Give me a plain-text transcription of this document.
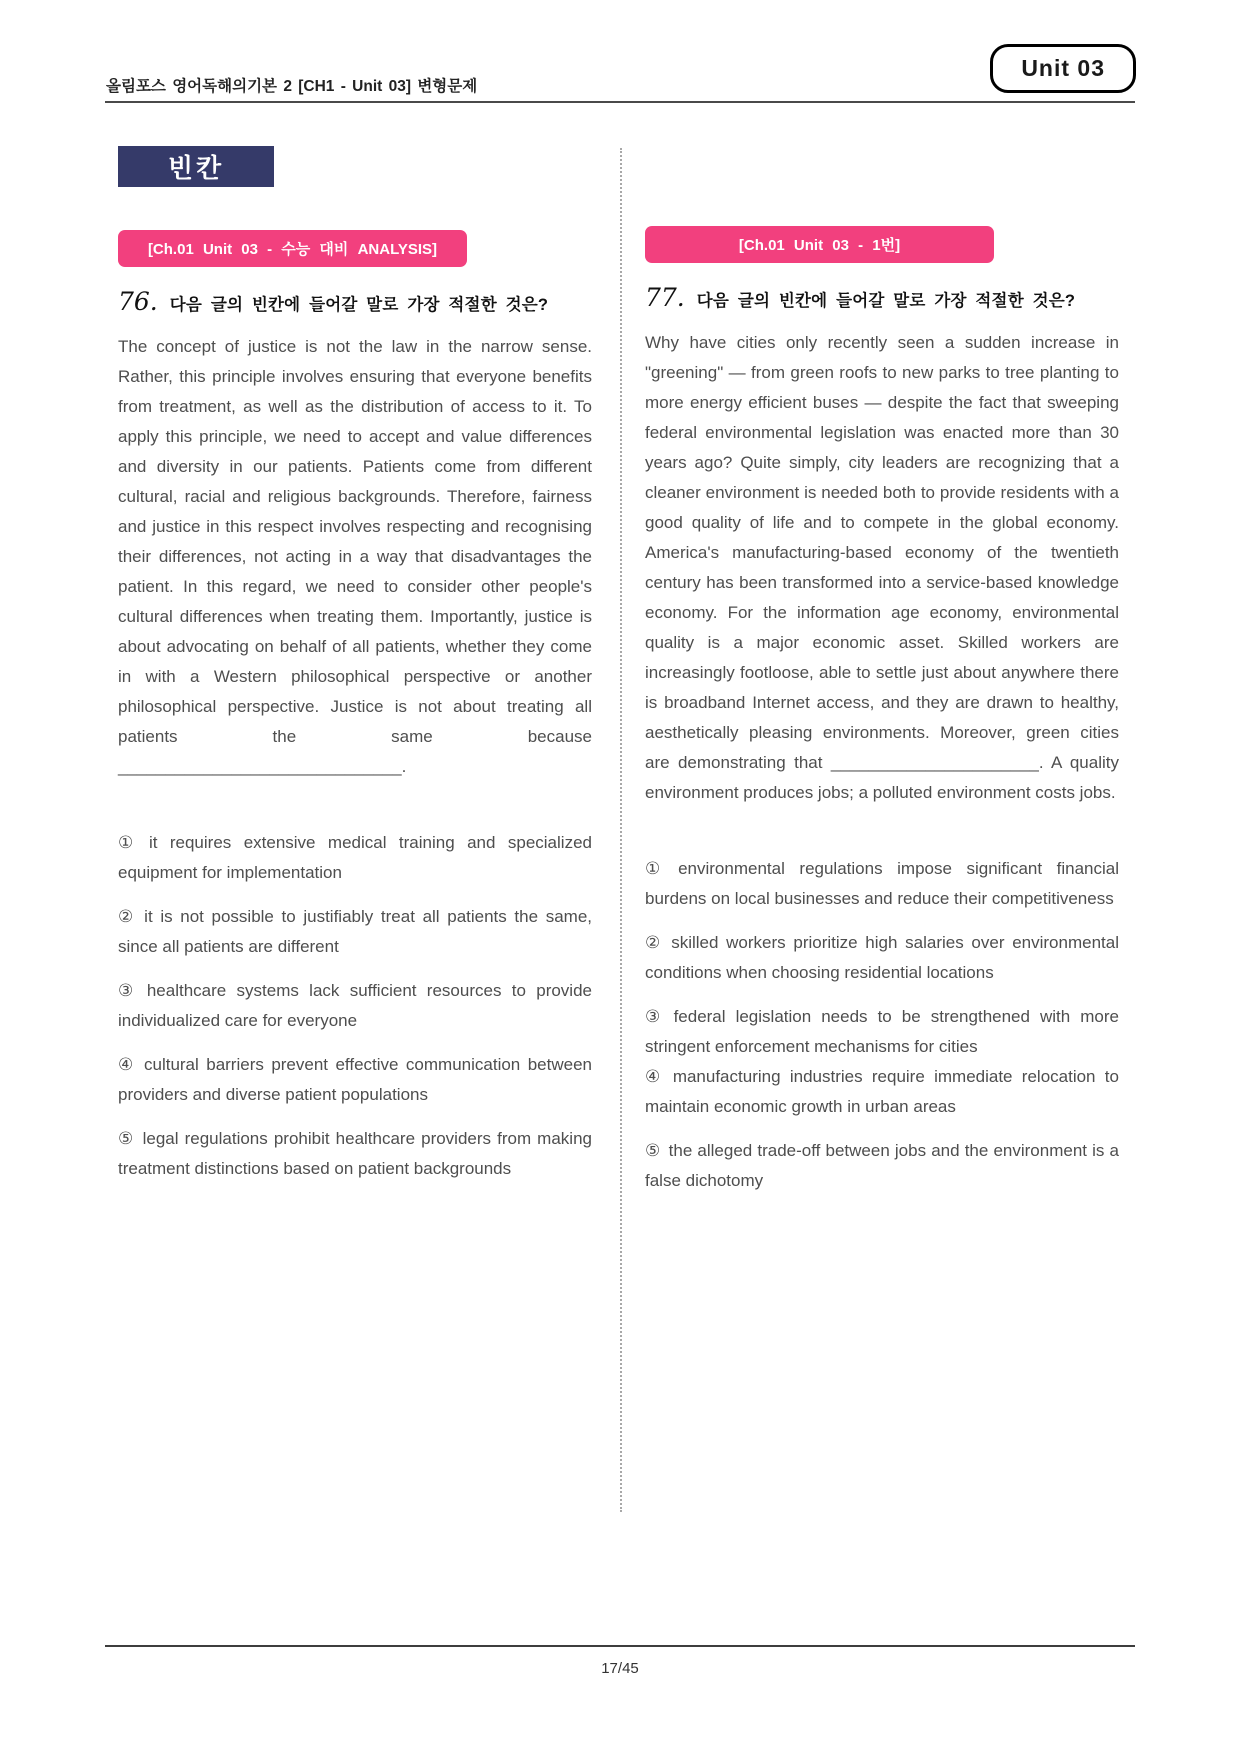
Unit 03
올림포스 영어독해의기본 2 [CH1 - Unit 03] 변형문제
빈칸
[Ch.01 Unit 03 - 수능 대비 ANALYSIS]
76. 다음 글의 빈칸에 들어갈 말로 가장 적절한 것은?

The concept of justice is not the law in the narrow sense. Rather, this principle involves ensuring that everyone benefits from treatment, as well as the distribution of access to it. To apply this principle, we need to accept and value differences and diversity in our patients. Patients come from different cultural, racial and religious backgrounds. Therefore, fairness and justice in this respect involves respecting and recognising their differences, not acting in a way that disadvantages the patient. In this regard, we need to consider other people's cultural differences when treating them. Importantly, justice is about advocating on behalf of all patients, whether they come in with a Western philosophical perspective or another philosophical perspective. Justice is not about treating all patients the same because ______________________________.

① it requires extensive medical training and specialized equipment for implementation

② it is not possible to justifiably treat all patients the same, since all patients are different

③ healthcare systems lack sufficient resources to provide individualized care for everyone

④ cultural barriers prevent effective communication between providers and diverse patient populations

⑤ legal regulations prohibit healthcare providers from making treatment distinctions based on patient backgrounds

[Ch.01 Unit 03 - 1번]
77. 다음 글의 빈칸에 들어갈 말로 가장 적절한 것은?

Why have cities only recently seen a sudden increase in "greening" — from green roofs to new parks to tree planting to more energy efficient buses — despite the fact that sweeping federal environmental legislation was enacted more than 30 years ago? Quite simply, city leaders are recognizing that a cleaner environment is needed both to provide residents with a good quality of life and to compete in the global economy. America's manufacturing-based economy of the twentieth century has been transformed into a service-based knowledge economy. For the information age economy, environmental quality is a major economic asset. Skilled workers are increasingly footloose, able to settle just about anywhere there is broadband Internet access, and they are drawn to healthy, aesthetically pleasing environments. Moreover, green cities are demonstrating that ______________________. A quality environment produces jobs; a polluted environment costs jobs.

① environmental regulations impose significant financial burdens on local businesses and reduce their competitiveness

② skilled workers prioritize high salaries over environmental conditions when choosing residential locations

③ federal legislation needs to be strengthened with more stringent enforcement mechanisms for cities

④ manufacturing industries require immediate relocation to maintain economic growth in urban areas

⑤ the alleged trade-off between jobs and the environment is a false dichotomy

17/45
